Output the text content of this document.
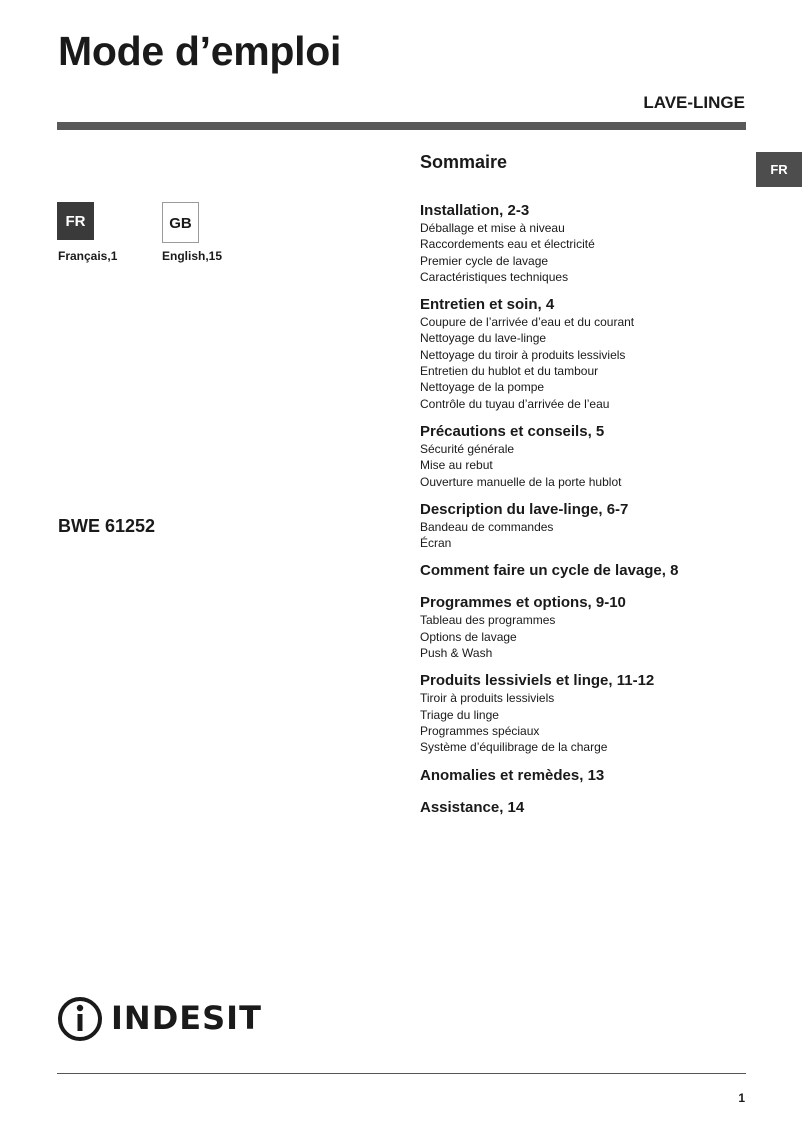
Mode d’emploi
LAVE-LINGE
FR
FR	GB
Français,1	English,15
BWE 61252
Sommaire
Installation, 2-3
Déballage et mise à niveau
Raccordements eau et électricité
Premier cycle de lavage
Caractéristiques techniques
Entretien et soin, 4
Coupure de l’arrivée d’eau et du courant
Nettoyage du lave-linge
Nettoyage du tiroir à produits lessiviels
Entretien du hublot et du tambour
Nettoyage de la pompe
Contrôle du tuyau d’arrivée de l’eau
Précautions et conseils, 5
Sécurité générale
Mise au rebut
Ouverture manuelle de la porte hublot
Description du lave-linge, 6-7
Bandeau de commandes
Écran
Comment faire un cycle de lavage, 8
Programmes et options, 9-10
Tableau des programmes
Options de lavage
Push & Wash
Produits lessiviels et linge, 11-12
Tiroir à produits lessiviels
Triage du linge
Programmes spéciaux
Système d’équilibrage de la charge
Anomalies et remèdes, 13
Assistance, 14
INDESIT
1
